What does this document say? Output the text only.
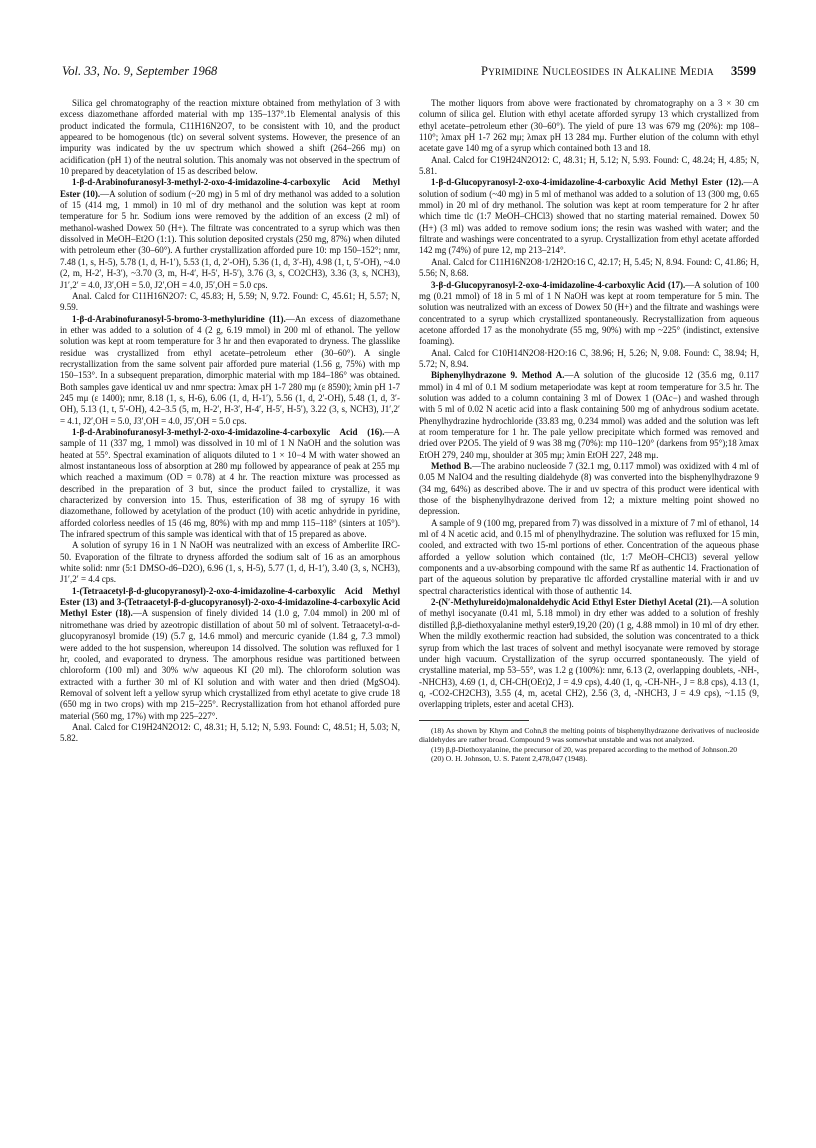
Vol. 33, No. 9, September 1968	Pyrimidine Nucleosides in Alkaline Media 3599

Silica gel chromatography of the reaction mixture obtained from methylation of 3 with excess diazomethane afforded material with mp 135–137°.1b Elemental analysis of this product indicated the formula, C11H16N2O7, to be consistent with 10, and the product appeared to be homogenous (tlc) on several solvent systems. However, the presence of an impurity was indicated by the uv spectrum which showed a shift (264–266 mμ) on acidification (pH 1) of the neutral solution. This anomaly was not observed in the spectrum of 10 prepared by deacetylation of 15 as described below.

1-β-d-Arabinofuranosyl-3-methyl-2-oxo-4-imidazoline-4-carboxylic Acid Methyl Ester (10).—A solution of sodium (~20 mg) in 5 ml of dry methanol was added to a solution of 15 (414 mg, 1 mmol) in 10 ml of dry methanol and the solution was kept at room temperature for 5 hr. Sodium ions were removed by the addition of an excess (2 ml) of methanol-washed Dowex 50 (H+). The filtrate was concentrated to a syrup which was then dissolved in MeOH–Et2O (1:1). This solution deposited crystals (250 mg, 87%) when diluted with petroleum ether (30–60°). A further crystallization afforded pure 10: mp 150–152°; nmr, 7.48 (1, s, H-5), 5.78 (1, d, H-1′), 5.53 (1, d, 2′-OH), 5.36 (1, d, 3′-H), 4.98 (1, t, 5′-OH), ~4.0 (2, m, H-2′, H-3′), ~3.70 (3, m, H-4′, H-5′, H-5′), 3.76 (3, s, CO2CH3), 3.36 (3, s, NCH3), J1′,2′ = 4.0, J3′,OH = 5.0, J2′,OH = 4.0, J5′,OH = 5.0 cps.

Anal. Calcd for C11H16N2O7: C, 45.83; H, 5.59; N, 9.72. Found: C, 45.61; H, 5.57; N, 9.59.

1-β-d-Arabinofuranosyl-5-bromo-3-methyluridine (11).—An excess of diazomethane in ether was added to a solution of 4 (2 g, 6.19 mmol) in 200 ml of ethanol. The yellow solution was kept at room temperature for 3 hr and then evaporated to dryness. The glasslike residue was crystallized from ethyl acetate–petroleum ether (30–60°). A single recrystallization from the same solvent pair afforded pure material (1.56 g, 75%) with mp 150–153°. In a subsequent preparation, dimorphic material with mp 184–186° was obtained. Both samples gave identical uv and nmr spectra: λmax pH 1-7 280 mμ (ε 8590); λmin pH 1-7 245 mμ (ε 1400); nmr, 8.18 (1, s, H-6), 6.06 (1, d, H-1′), 5.56 (1, d, 2′-OH), 5.48 (1, d, 3′-OH), 5.13 (1, t, 5′-OH), 4.2–3.5 (5, m, H-2′, H-3′, H-4′, H-5′, H-5′), 3.22 (3, s, NCH3), J1′,2′ = 4.1, J2′,OH = 5.0, J3′,OH = 4.0, J5′,OH = 5.0 cps.

1-β-d-Arabinofuranosyl-3-methyl-2-oxo-4-imidazoline-4-carboxylic Acid (16).—A sample of 11 (337 mg, 1 mmol) was dissolved in 10 ml of 1 N NaOH and the solution was heated at 55°. Spectral examination of aliquots diluted to 1 × 10−4 M with water showed an almost instantaneous loss of absorption at 280 mμ followed by appearance of peak at 255 mμ which reached a maximum (OD = 0.78) at 4 hr. The reaction mixture was processed as described in the preparation of 3 but, since the product failed to crystallize, it was characterized by conversion into 15. Thus, esterification of 38 mg of syrupy 16 with diazomethane, followed by acetylation of the product (10) with acetic anhydride in pyridine, afforded colorless needles of 15 (46 mg, 80%) with mp and mmp 115–118° (sinters at 105°). The infrared spectrum of this sample was identical with that of 15 prepared as above.

A solution of syrupy 16 in 1 N NaOH was neutralized with an excess of Amberlite IRC-50. Evaporation of the filtrate to dryness afforded the sodium salt of 16 as an amorphous white solid: nmr (5:1 DMSO-d6–D2O), 6.96 (1, s, H-5), 5.77 (1, d, H-1′), 3.40 (3, s, NCH3), J1′,2′ = 4.4 cps.

1-(Tetraacetyl-β-d-glucopyranosyl)-2-oxo-4-imidazoline-4-carboxylic Acid Methyl Ester (13) and 3-(Tetraacetyl-β-d-glucopyranosyl)-2-oxo-4-imidazoline-4-carboxylic Acid Methyl Ester (18).—A suspension of finely divided 14 (1.0 g, 7.04 mmol) in 200 ml of nitromethane was dried by azeotropic distillation of about 50 ml of solvent. Tetraacetyl-α-d-glucopyranosyl bromide (19) (5.7 g, 14.6 mmol) and mercuric cyanide (1.84 g, 7.3 mmol) were added to the hot suspension, whereupon 14 dissolved. The solution was refluxed for 1 hr, cooled, and evaporated to dryness. The amorphous residue was partitioned between chloroform (100 ml) and 30% w/w aqueous KI (20 ml). The chloroform solution was extracted with a further 30 ml of KI solution and with water and then dried (MgSO4). Removal of solvent left a yellow syrup which crystallized from ethyl acetate to give crude 18 (650 mg in two crops) with mp 215–225°. Recrystallization from hot ethanol afforded pure material (560 mg, 17%) with mp 225–227°.

Anal. Calcd for C19H24N2O12: C, 48.31; H, 5.12; N, 5.93. Found: C, 48.51; H, 5.03; N, 5.82.

The mother liquors from above were fractionated by chromatography on a 3 × 30 cm column of silica gel. Elution with ethyl acetate afforded syrupy 13 which crystallized from ethyl acetate–petroleum ether (30–60°). The yield of pure 13 was 679 mg (20%): mp 108–110°; λmax pH 1-7 262 mμ; λmax pH 13 284 mμ. Further elution of the column with ethyl acetate gave 140 mg of a syrup which contained both 13 and 18.

Anal. Calcd for C19H24N2O12: C, 48.31; H, 5.12; N, 5.93. Found: C, 48.24; H, 4.85; N, 5.81.

1-β-d-Glucopyranosyl-2-oxo-4-imidazoline-4-carboxylic Acid Methyl Ester (12).—A solution of sodium (~40 mg) in 5 ml of methanol was added to a solution of 13 (300 mg, 0.65 mmol) in 20 ml of dry methanol. The solution was kept at room temperature for 2 hr after which time tlc (1:7 MeOH–CHCl3) showed that no starting material remained. Dowex 50 (H+) (3 ml) was added to remove sodium ions; the resin was washed with water; and the filtrate and washings were concentrated to a syrup. Crystallization from ethyl acetate afforded 142 mg (74%) of pure 12, mp 213–214°.

Anal. Calcd for C11H16N2O8·1/2H2O:16 C, 42.17; H, 5.45; N, 8.94. Found: C, 41.86; H, 5.56; N, 8.68.

3-β-d-Glucopyranosyl-2-oxo-4-imidazoline-4-carboxylic Acid (17).—A solution of 100 mg (0.21 mmol) of 18 in 5 ml of 1 N NaOH was kept at room temperature for 5 min. The solution was neutralized with an excess of Dowex 50 (H+) and the filtrate and washings were concentrated to a syrup which crystallized spontaneously. Recrystallization from aqueous acetone afforded 17 as the monohydrate (55 mg, 90%) with mp ~225° (indistinct, extensive foaming).

Anal. Calcd for C10H14N2O8·H2O:16 C, 38.96; H, 5.26; N, 9.08. Found: C, 38.94; H, 5.72; N, 8.94.

Biphenylhydrazone 9. Method A.—A solution of the glucoside 12 (35.6 mg, 0.117 mmol) in 4 ml of 0.1 M sodium metaperiodate was kept at room temperature for 3.5 hr. The solution was added to a column containing 3 ml of Dowex 1 (OAc−) and washed through with 5 ml of 0.02 N acetic acid into a flask containing 500 mg of anhydrous sodium acetate. Phenylhydrazine hydrochloride (33.83 mg, 0.234 mmol) was added and the solution was left at room temperature for 1 hr. The pale yellow precipitate which formed was removed and dried over P2O5. The yield of 9 was 38 mg (70%): mp 110–120° (darkens from 95°);18 λmax EtOH 279, 240 mμ, shoulder at 305 mμ; λmin EtOH 227, 248 mμ.

Method B.—The arabino nucleoside 7 (32.1 mg, 0.117 mmol) was oxidized with 4 ml of 0.05 M NaIO4 and the resulting dialdehyde (8) was converted into the bisphenylhydrazone 9 (34 mg, 64%) as described above. The ir and uv spectra of this product were identical with those of the bisphenylhydrazone derived from 12; a mixture melting point showed no depression.

A sample of 9 (100 mg, prepared from 7) was dissolved in a mixture of 7 ml of ethanol, 14 ml of 4 N acetic acid, and 0.15 ml of phenylhydrazine. The solution was refluxed for 15 min, cooled, and extracted with two 15-ml portions of ether. Concentration of the aqueous phase afforded a yellow solution which contained (tlc, 1:7 MeOH–CHCl3) several yellow components and a uv-absorbing compound with the same Rf as authentic 14. Fractionation of part of the aqueous solution by preparative tlc afforded crystalline material with ir and uv spectral characteristics identical with those of authentic 14.

2-(N′-Methylureido)malonaldehydic Acid Ethyl Ester Diethyl Acetal (21).—A solution of methyl isocyanate (0.41 ml, 5.18 mmol) in dry ether was added to a solution of freshly distilled β,β-diethoxyalanine methyl ester9,19,20 (20) (1 g, 4.88 mmol) in 10 ml of dry ether. When the mildly exothermic reaction had subsided, the solution was concentrated to a thick syrup from which the last traces of solvent and methyl isocyanate were removed by storage under high vacuum. Crystallization of the syrup occurred spontaneously. The yield of crystalline material, mp 53–55°, was 1.2 g (100%): nmr, 6.13 (2, overlapping doublets, -NH-, -NHCH3), 4.69 (1, d, CH-CH(OEt)2, J = 4.9 cps), 4.40 (1, q, -CH-NH-, J = 8.8 cps), 4.13 (1, q, -CO2-CH2CH3), 3.55 (4, m, acetal CH2), 2.56 (3, d, -NHCH3, J = 4.9 cps), ~1.15 (9, overlapping triplets, ester and acetal CH3).

(18) As shown by Khym and Cohn,8 the melting points of bisphenylhydrazone derivatives of nucleoside dialdehydes are rather broad. Compound 9 was somewhat unstable and was not analyzed.

(19) β,β-Diethoxyalanine, the precursor of 20, was prepared according to the method of Johnson.20

(20) O. H. Johnson, U. S. Patent 2,478,047 (1948).
